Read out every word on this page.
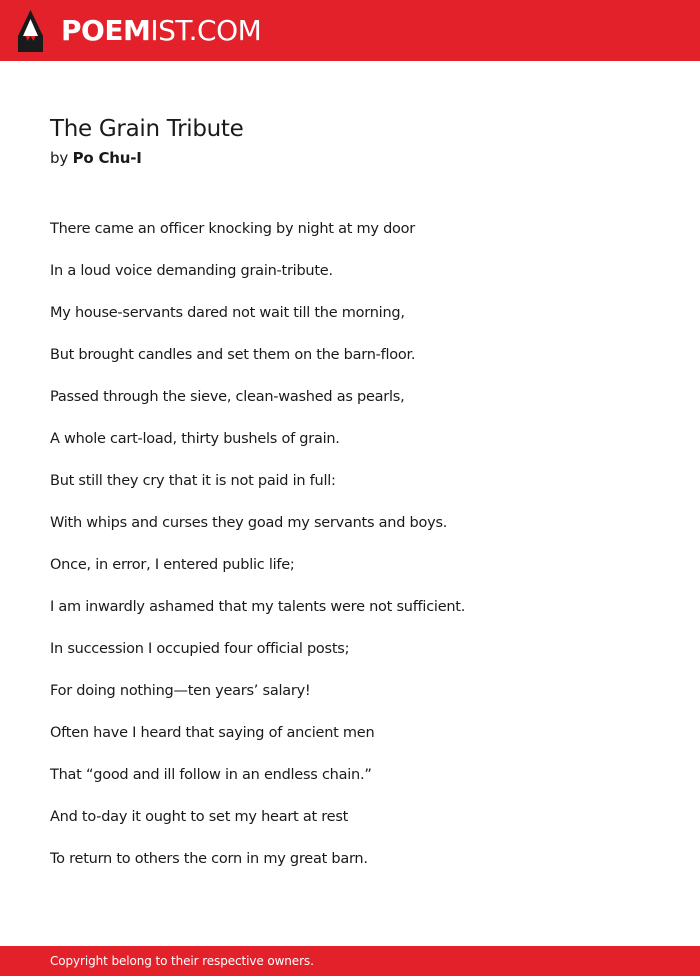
POEMIST.COM
The Grain Tribute
by Po Chu-I
There came an officer knocking by night at my door
In a loud voice demanding grain-tribute.
My house-servants dared not wait till the morning,
But brought candles and set them on the barn-floor.
Passed through the sieve, clean-washed as pearls,
A whole cart-load, thirty bushels of grain.
But still they cry that it is not paid in full:
With whips and curses they goad my servants and boys.
Once, in error, I entered public life;
I am inwardly ashamed that my talents were not sufficient.
In succession I occupied four official posts;
For doing nothing—ten years’ salary!
Often have I heard that saying of ancient men
That “good and ill follow in an endless chain.”
And to-day it ought to set my heart at rest
To return to others the corn in my great barn.
Copyright belong to their respective owners.
